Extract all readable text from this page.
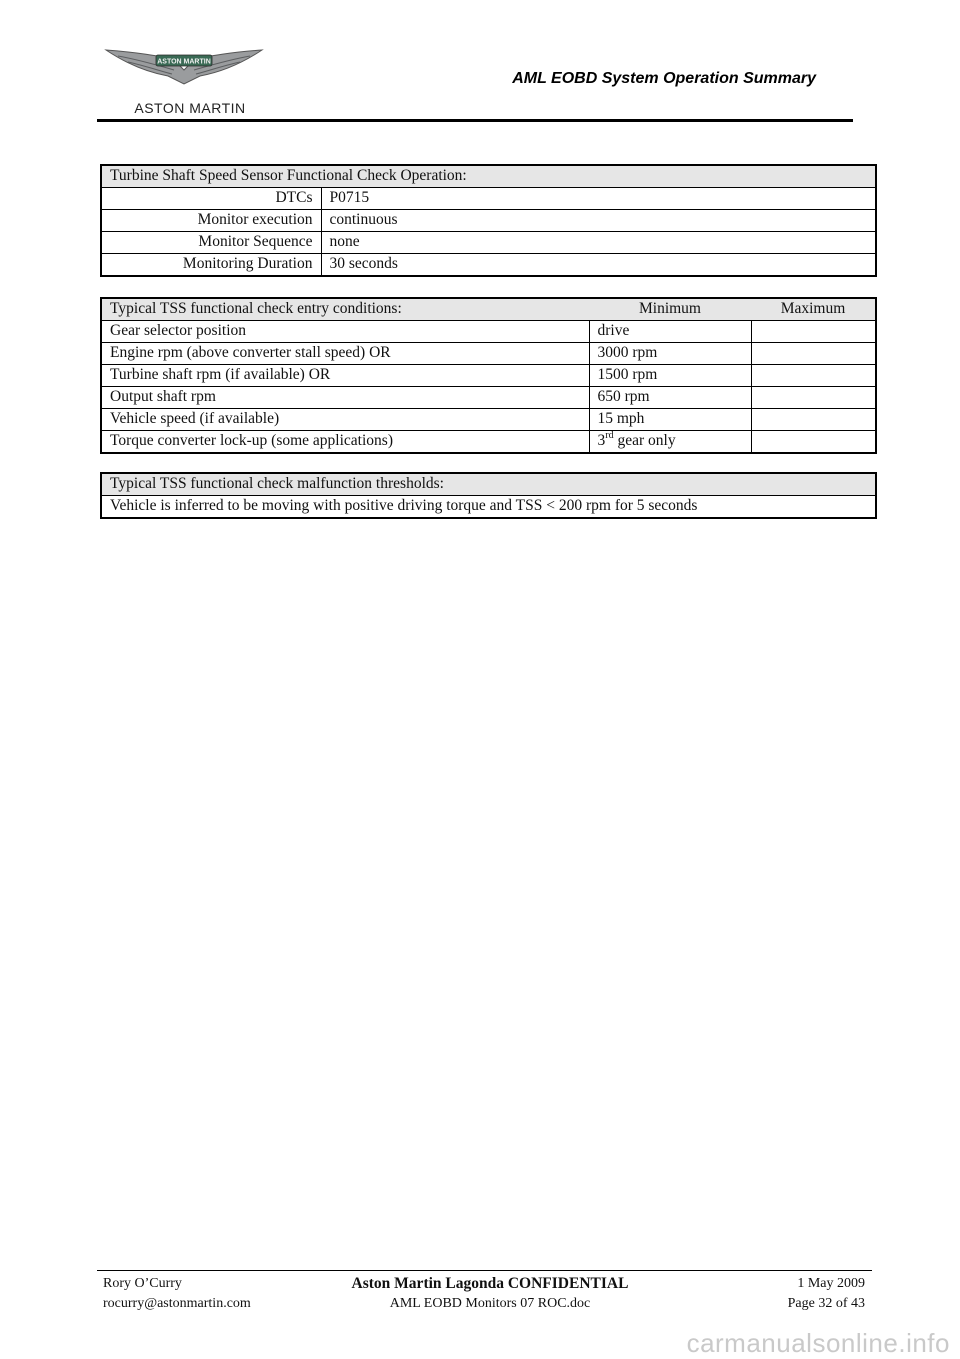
ASTON MARTIN
ASTON MARTIN
AML EOBD System Operation Summary
Turbine Shaft Speed Sensor Functional Check Operation:	
DTCs	P0715
Monitor execution	continuous
Monitor Sequence	none
Monitoring Duration	30 seconds
Typical TSS functional check entry conditions:	Minimum	Maximum
Gear selector position	drive	
Engine rpm (above converter stall speed) OR	3000 rpm	
Turbine shaft rpm (if available) OR	1500 rpm	
Output shaft rpm	650 rpm	
Vehicle speed (if available)	15 mph	
Torque converter lock-up (some applications)	3rd gear only	
Typical TSS functional check malfunction thresholds:
Vehicle is inferred to be moving with positive driving torque and TSS < 200 rpm for 5 seconds
Rory O’Curry
rocurry@astonmartin.com
Aston Martin Lagonda CONFIDENTIAL
AML EOBD Monitors 07 ROC.doc
1 May 2009
Page 32 of 43
carmanualsonline.info
